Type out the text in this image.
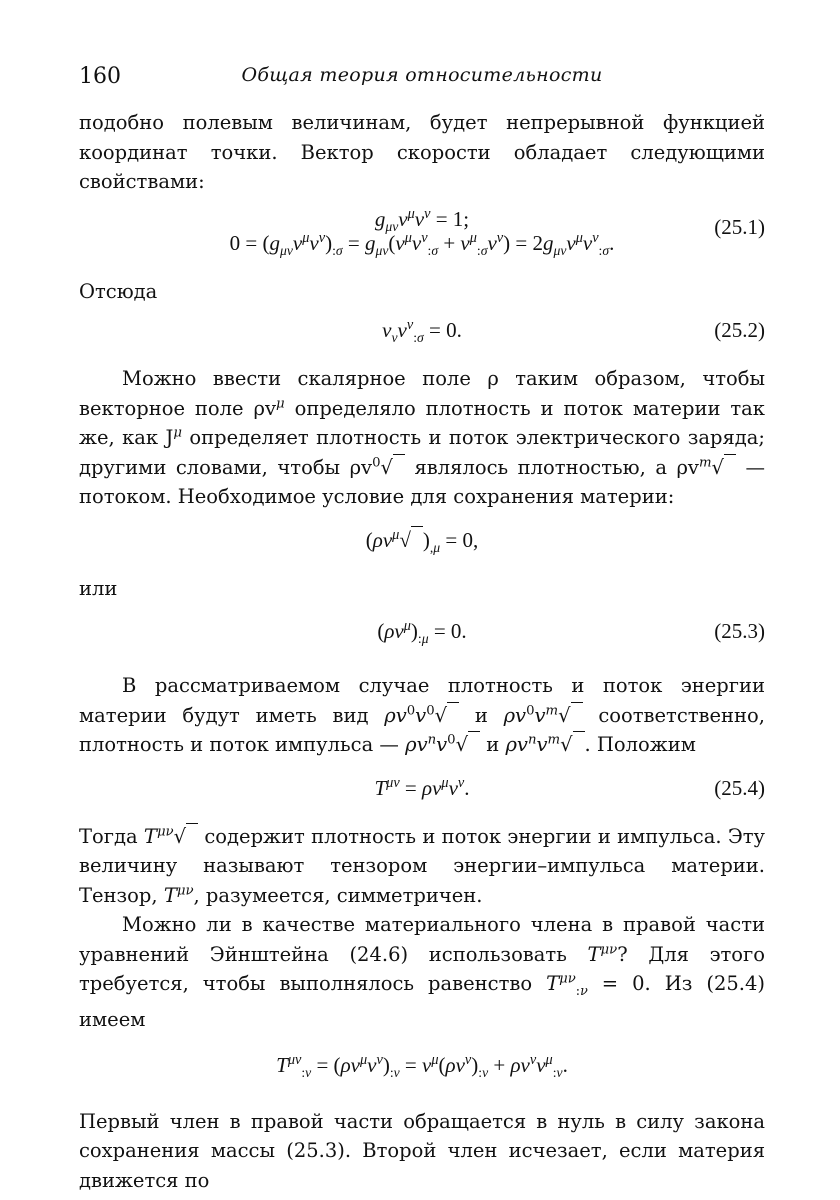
160	Общая теория относительности

подобно полевым величинам, будет непрерывной функцией координат точки. Вектор скорости обладает следующими свойствами:

$g_{\mu\nu}v^\mu v^\nu = 1$;
$0 = (g_{\mu\nu}v^\mu v^\nu)_{:\sigma} = g_{\mu\nu}(v^\mu v^\nu_{:\sigma} + v^\mu_{:\sigma}v^\nu) = 2g_{\mu\nu}v^\mu v^\nu_{:\sigma}$.
(25.1)

Отсюда

$v_\nu v^\nu_{:\sigma} = 0$.	(25.2)

Можно ввести скалярное поле ρ таким образом, чтобы векторное поле $\rho v^\mu$ определяло плотность и поток материи так же, как $J^\mu$ определяет плотность и поток электрического заряда; другими словами, чтобы $\rho v^0√$ являлось плотностью, а $\rho v^m√$ — потоком. Необходимое условие для сохранения материи:

($\rho v^\mu√$ )$_{,\mu} = 0$,

или

$(\rho v^\mu)_{:\mu} = 0$.	(25.3)

В рассматриваемом случае плотность и поток энергии материи будут иметь вид $\rho v^0v^0√$ и $\rho v^0v^m√$ соответственно, плотность и поток импульса — $\rho v^nv^0√$ и $\rho v^nv^m√$ . Положим

$T^{\mu\nu} = \rho v^\mu v^\nu$.	(25.4)

Тогда $T^{\mu\nu}√$ содержит плотность и поток энергии и импульса. Эту величину называют тензором энергии–импульса материи. Тензор, $T^{\mu\nu}$, разумеется, симметричен.

Можно ли в качестве материального члена в правой части уравнений Эйнштейна (24.6) использовать $T^{\mu\nu}$? Для этого требуется, чтобы выполнялось равенство $T^{\mu\nu}_{:\nu} = 0$. Из (25.4) имеем

$T^{\mu\nu}_{:\nu} = (\rho v^\mu v^\nu)_{:\nu} = v^\mu(\rho v^\nu)_{:\nu} + \rho v^\nu v^\mu_{:\nu}$.

Первый член в правой части обращается в нуль в силу закона сохранения массы (25.3). Второй член исчезает, если материя движется по
